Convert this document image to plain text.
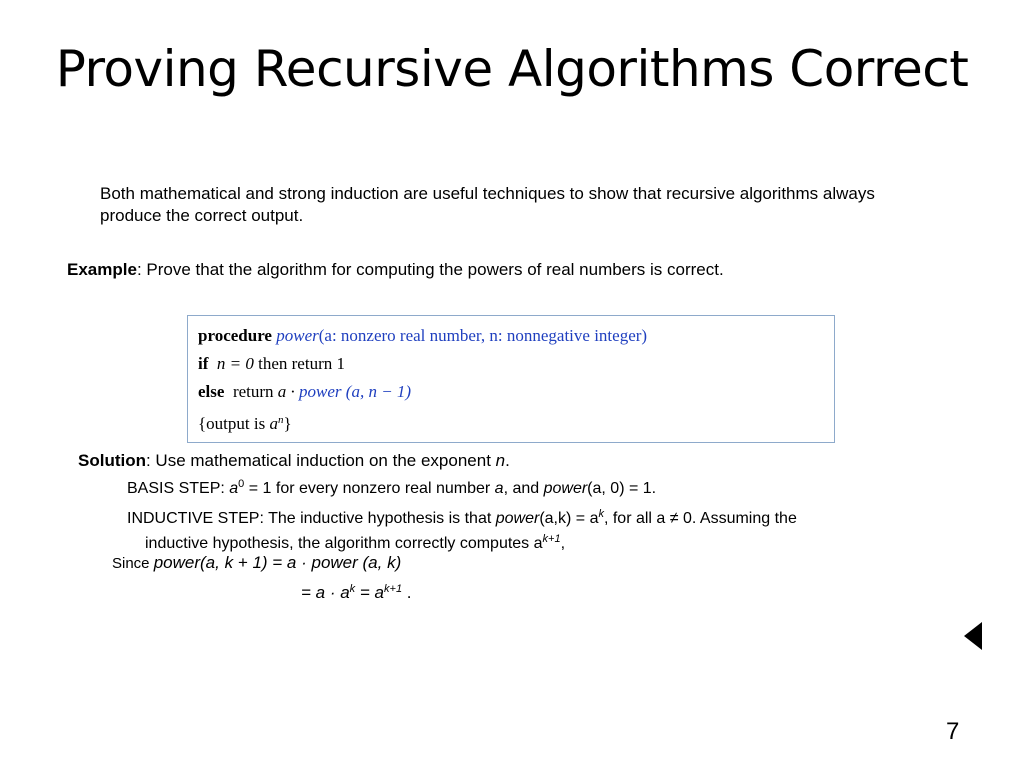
Proving Recursive Algorithms Correct
Both mathematical and strong induction are useful techniques to show that recursive algorithms always produce the correct output.
Example: Prove that the algorithm for computing the powers of real numbers is correct.
procedure power(a: nonzero real number, n: nonnegative integer)
if n = 0 then return 1
else return a · power (a, n − 1)
{output is $a^n$}
Solution: Use mathematical induction on the exponent n.
BASIS STEP: $a^0 = 1$ for every nonzero real number a, and power(a, 0) = 1.
INDUCTIVE STEP: The inductive hypothesis is that power(a,k) = $a^k$, for all a ≠ 0. Assuming the
inductive hypothesis, the algorithm correctly computes $a^{k+1}$,
Since power(a, k + 1) = a · power (a, k)
= $a \cdot a^k = a^{k+1}$ .
7
